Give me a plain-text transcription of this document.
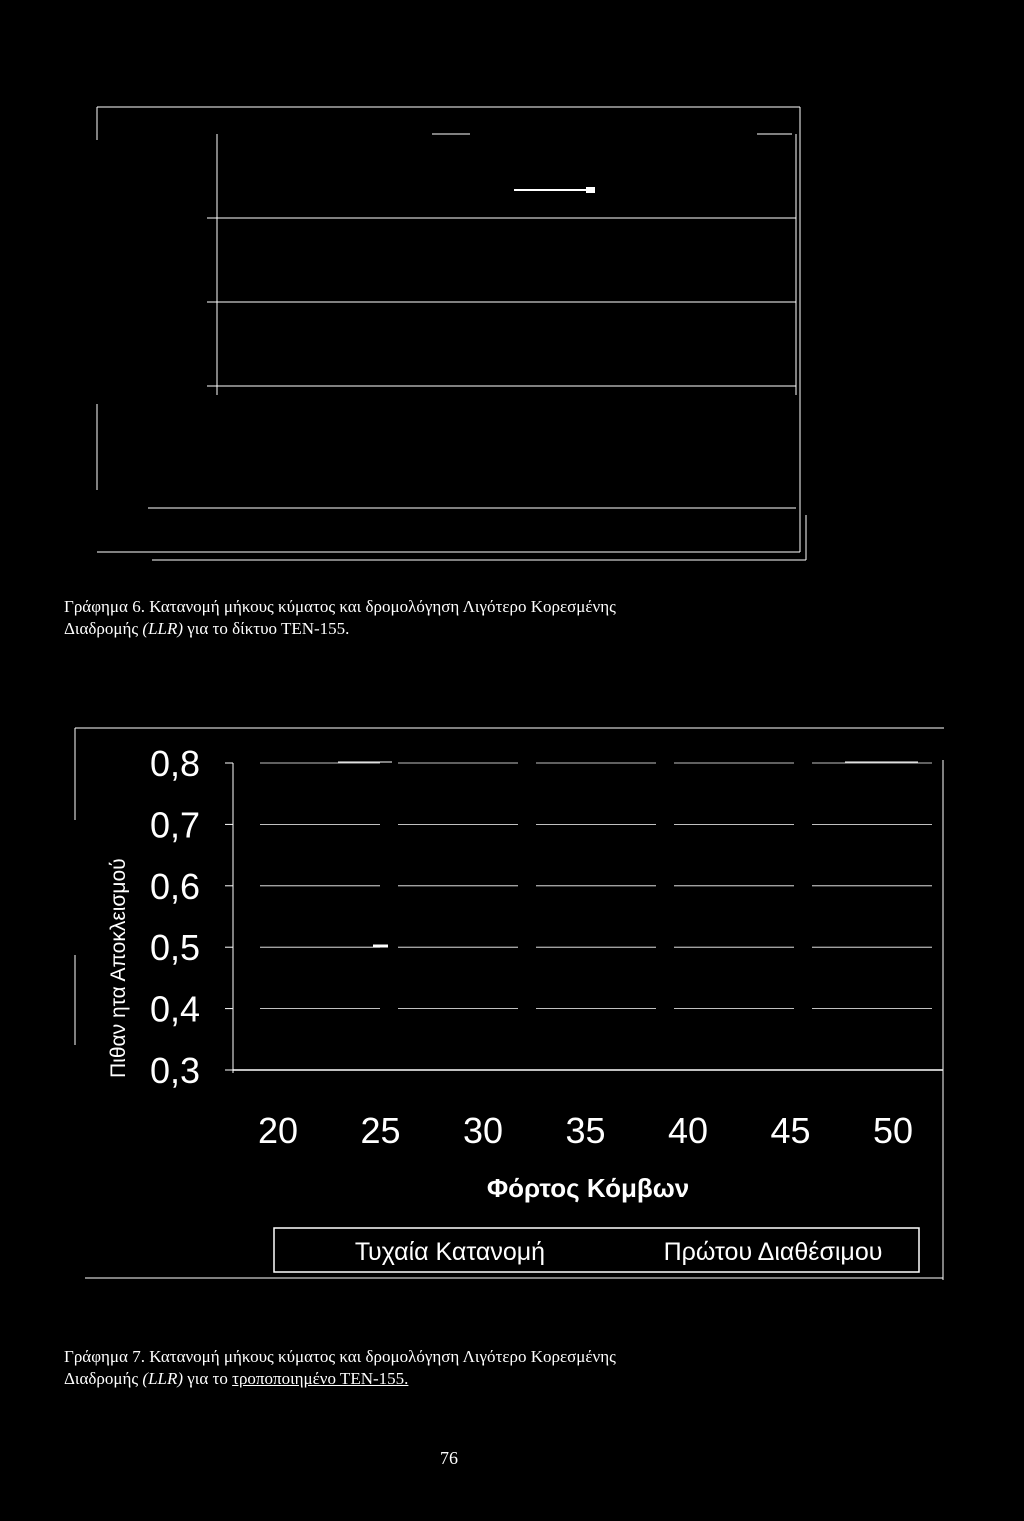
Γράφημα 6. Κατανομή μήκους κύματος και δρομολόγηση Λιγότερο Κορεσμένης
Διαδρομής (LLR) για το δίκτυο ΤΕΝ-155.
0,8
0,7
0,6
0,5
0,4
0,3
20 25 30 35 40 45 50
Πιθαν ητα Αποκλεισμού
Φόρτος Κόμβων
Τυχαία Κατανομή	Πρώτου Διαθέσιμου
Γράφημα 7. Κατανομή μήκους κύματος και δρομολόγηση Λιγότερο Κορεσμένης
Διαδρομής (LLR) για το τροποποιημένο ΤΕΝ-155.
76
